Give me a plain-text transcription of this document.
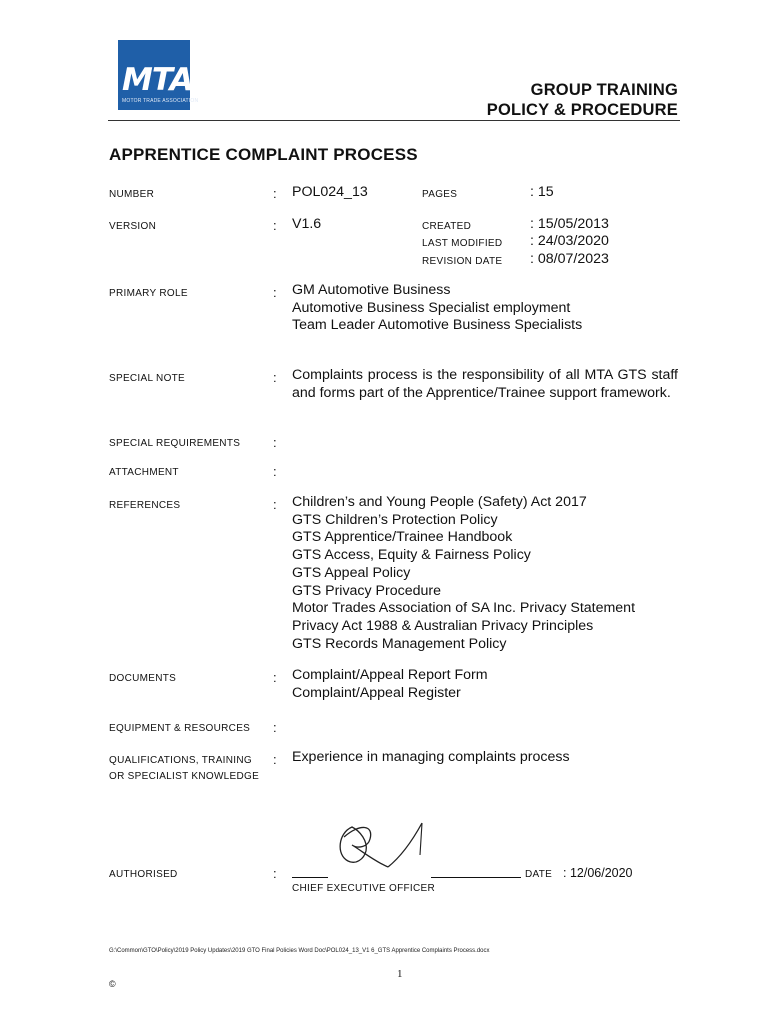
MTA
MOTOR TRADE ASSOCIATION
GROUP TRAINING
POLICY & PROCEDURE
APPRENTICE COMPLAINT PROCESS
NUMBER	: POL024_13	PAGES	: 15
VERSION	: V1.6	CREATED	: 15/05/2013
LAST MODIFIED : 24/03/2020
REVISION DATE : 08/07/2023
PRIMARY ROLE	: GM Automotive Business
Automotive Business Specialist employment
Team Leader Automotive Business Specialists
SPECIAL NOTE	: Complaints process is the responsibility of all MTA GTS staff and forms part of the Apprentice/Trainee support framework.
SPECIAL REQUIREMENTS	:
ATTACHMENT	:
REFERENCES	: Children’s and Young People (Safety) Act 2017
GTS Children’s Protection Policy
GTS Apprentice/Trainee Handbook
GTS Access, Equity & Fairness Policy
GTS Appeal Policy
GTS Privacy Procedure
Motor Trades Association of SA Inc. Privacy Statement
Privacy Act 1988 & Australian Privacy Principles
GTS Records Management Policy
DOCUMENTS	: Complaint/Appeal Report Form
Complaint/Appeal Register
EQUIPMENT & RESOURCES :
QUALIFICATIONS, TRAINING
OR SPECIALIST KNOWLEDGE
: Experience in managing complaints process
AUTHORISED	:	DATE : 12/06/2020
CHIEF EXECUTIVE OFFICER
G:\Common\GTO\Policy\2019 Policy Updates\2019 GTO Final Policies Word Doc\POL024_13_V1 6_GTS Apprentice Complaints Process.docx
1
©
